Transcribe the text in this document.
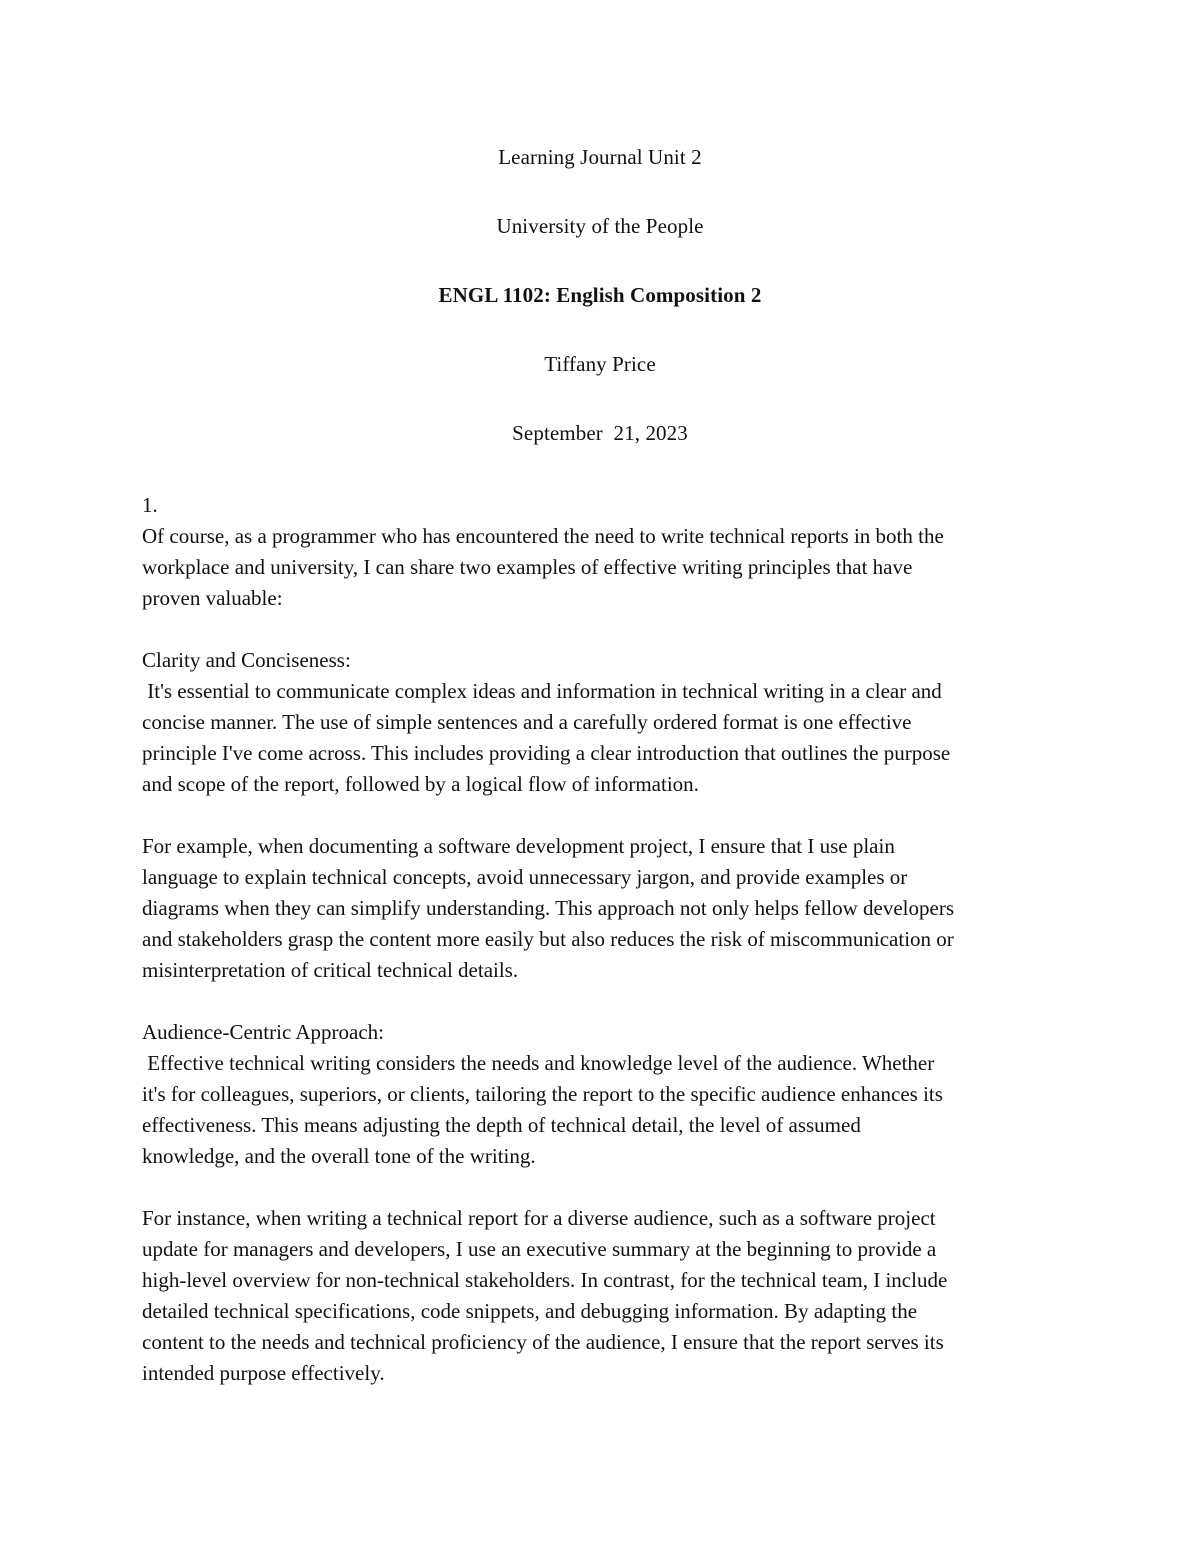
Learning Journal Unit 2
University of the People
ENGL 1102: English Composition 2
Tiffany Price
September  21, 2023
1.
Of course, as a programmer who has encountered the need to write technical reports in both the
workplace and university, I can share two examples of effective writing principles that have
proven valuable:
Clarity and Conciseness:
It's essential to communicate complex ideas and information in technical writing in a clear and
concise manner. The use of simple sentences and a carefully ordered format is one effective
principle I've come across. This includes providing a clear introduction that outlines the purpose
and scope of the report, followed by a logical flow of information.
For example, when documenting a software development project, I ensure that I use plain
language to explain technical concepts, avoid unnecessary jargon, and provide examples or
diagrams when they can simplify understanding. This approach not only helps fellow developers
and stakeholders grasp the content more easily but also reduces the risk of miscommunication or
misinterpretation of critical technical details.
Audience-Centric Approach:
Effective technical writing considers the needs and knowledge level of the audience. Whether
it's for colleagues, superiors, or clients, tailoring the report to the specific audience enhances its
effectiveness. This means adjusting the depth of technical detail, the level of assumed
knowledge, and the overall tone of the writing.
For instance, when writing a technical report for a diverse audience, such as a software project
update for managers and developers, I use an executive summary at the beginning to provide a
high-level overview for non-technical stakeholders. In contrast, for the technical team, I include
detailed technical specifications, code snippets, and debugging information. By adapting the
content to the needs and technical proficiency of the audience, I ensure that the report serves its
intended purpose effectively.
